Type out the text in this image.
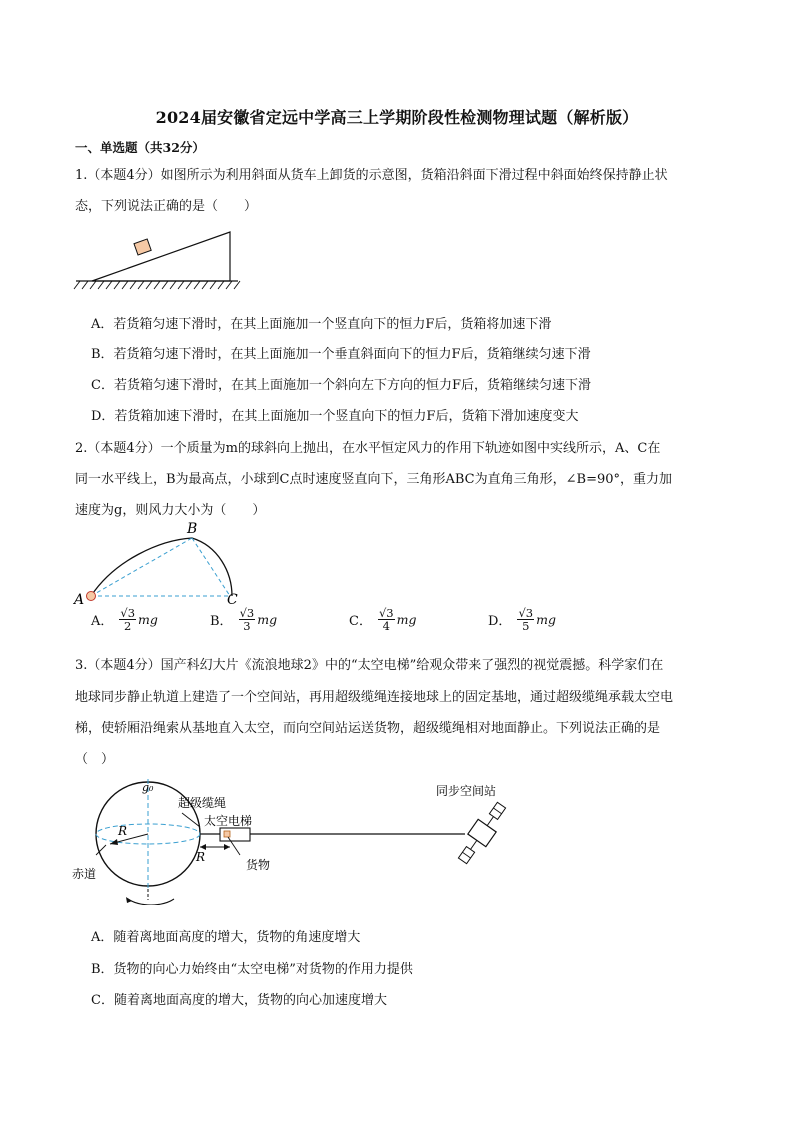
2024届安徽省定远中学高三上学期阶段性检测物理试题（解析版）
一、单选题（共32分）
1.（本题4分）如图所示为利用斜面从货车上卸货的示意图，货箱沿斜面下滑过程中斜面始终保持静止状
态，下列说法正确的是（　　）
A．若货箱匀速下滑时，在其上面施加一个竖直向下的恒力F后，货箱将加速下滑
B．若货箱匀速下滑时，在其上面施加一个垂直斜面向下的恒力F后，货箱继续匀速下滑
C．若货箱匀速下滑时，在其上面施加一个斜向左下方向的恒力F后，货箱继续匀速下滑
D．若货箱加速下滑时，在其上面施加一个竖直向下的恒力F后，货箱下滑加速度变大
2.（本题4分）一个质量为m的球斜向上抛出，在水平恒定风力的作用下轨迹如图中实线所示，A、C在
同一水平线上，B为最高点，小球到C点时速度竖直向下，三角形ABC为直角三角形，∠B=90°，重力加
速度为g，则风力大小为（　　）
A
B
C
A． $\frac{√3}{2}$ mg	B． $\frac{√3}{3}$ mg	C． $\frac{√3}{4}$ mg	D． $\frac{√3}{5}$ mg
3.（本题4分）国产科幻大片《流浪地球2》中的“太空电梯”给观众带来了强烈的视觉震撼。科学家们在
地球同步静止轨道上建造了一个空间站，再用超级缆绳连接地球上的固定基地，通过超级缆绳承载太空电
梯，使轿厢沿绳索从基地直入太空，而向空间站运送货物，超级缆绳相对地面静止。下列说法正确的是
（　）
R
赤道
g₀
超级缆绳
R
太空电梯
货物
同步空间站
A．随着离地面高度的增大，货物的角速度增大
B．货物的向心力始终由“太空电梯”对货物的作用力提供
C．随着离地面高度的增大，货物的向心加速度增大
